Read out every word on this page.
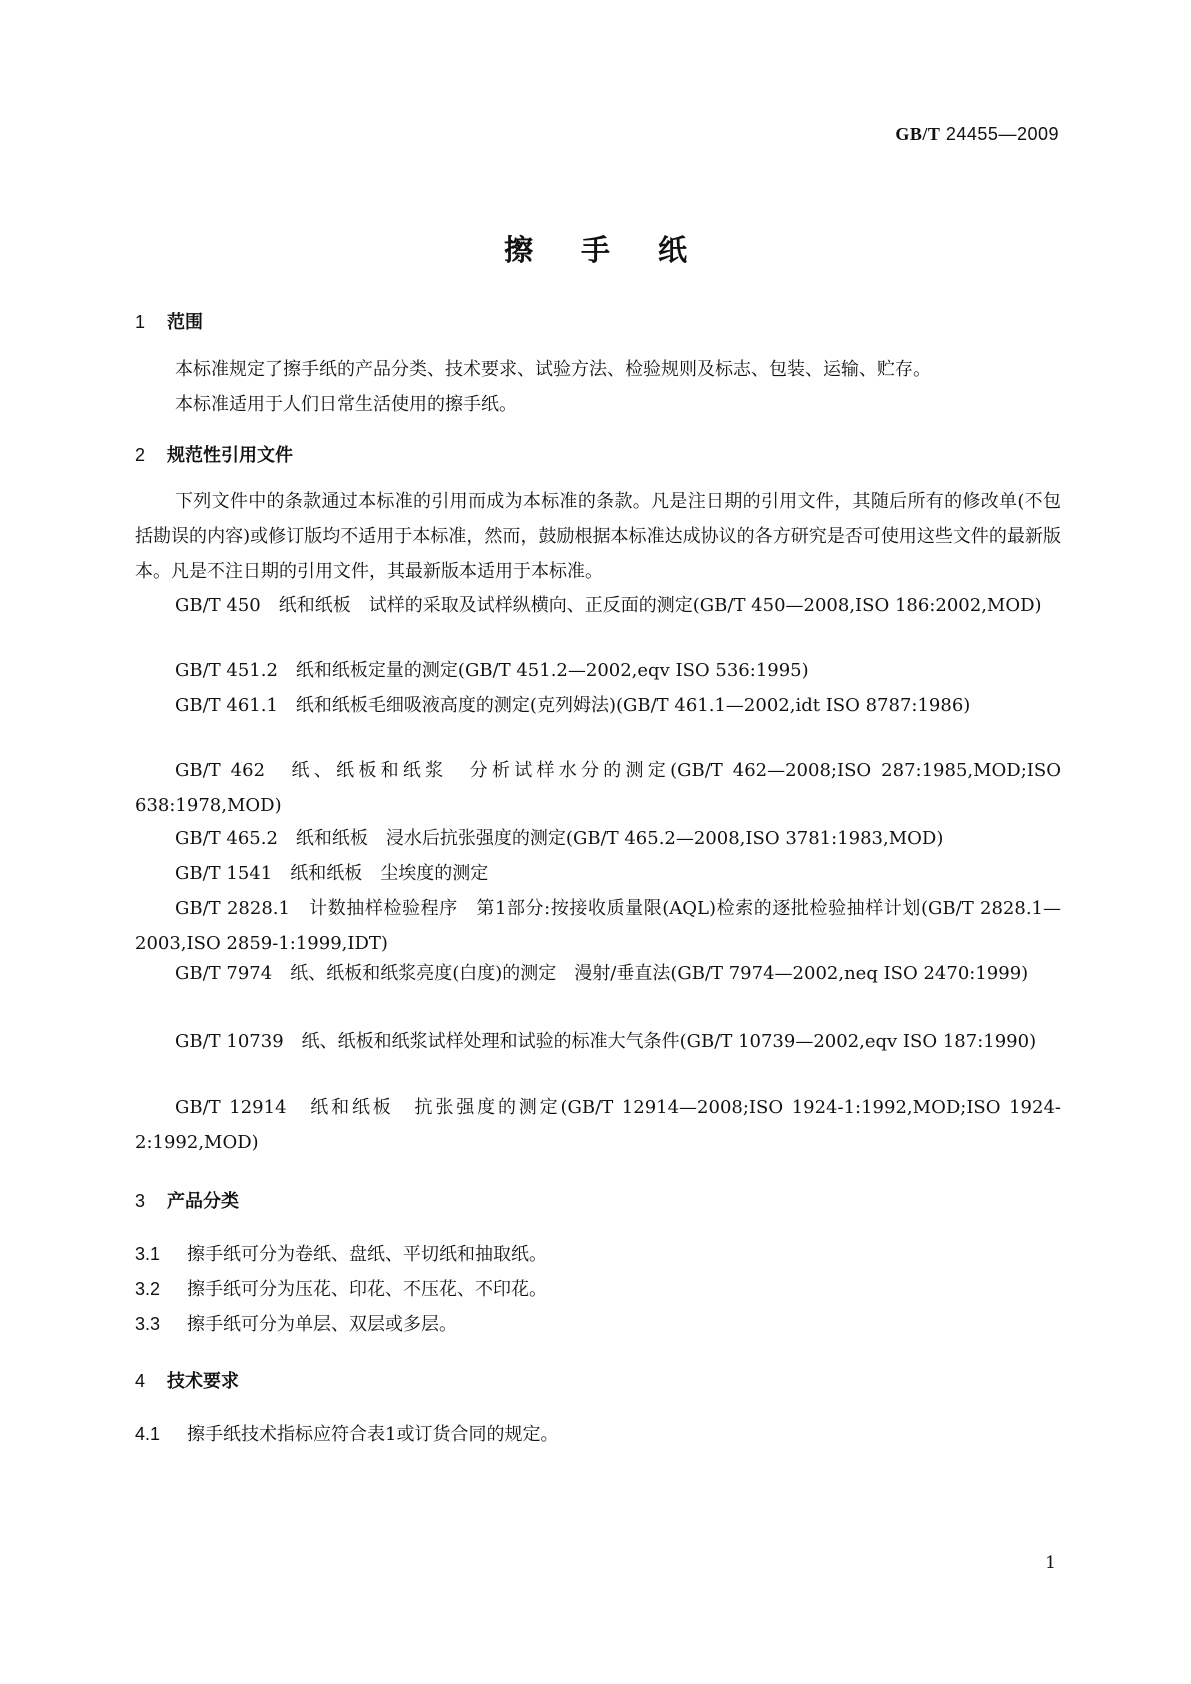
GB/T 24455—2009
擦手纸
1 范围
本标准规定了擦手纸的产品分类、技术要求、试验方法、检验规则及标志、包装、运输、贮存。
本标准适用于人们日常生活使用的擦手纸。
2 规范性引用文件
下列文件中的条款通过本标准的引用而成为本标准的条款。凡是注日期的引用文件，其随后所有的修改单(不包括勘误的内容)或修订版均不适用于本标准，然而，鼓励根据本标准达成协议的各方研究是否可使用这些文件的最新版本。凡是不注日期的引用文件，其最新版本适用于本标准。
GB/T 450　纸和纸板　试样的采取及试样纵横向、正反面的测定(GB/T 450—2008,ISO 186:2002,MOD)
GB/T 451.2　纸和纸板定量的测定(GB/T 451.2—2002,eqv ISO 536:1995)
GB/T 461.1　纸和纸板毛细吸液高度的测定(克列姆法)(GB/T 461.1—2002,idt ISO 8787:1986)
GB/T 462　纸、纸板和纸浆　分析试样水分的测定(GB/T 462—2008;ISO 287:1985,MOD;ISO 638:1978,MOD)
GB/T 465.2　纸和纸板　浸水后抗张强度的测定(GB/T 465.2—2008,ISO 3781:1983,MOD)
GB/T 1541　纸和纸板　尘埃度的测定
GB/T 2828.1　计数抽样检验程序　第1部分:按接收质量限(AQL)检索的逐批检验抽样计划(GB/T 2828.1—2003,ISO 2859-1:1999,IDT)
GB/T 7974　纸、纸板和纸浆亮度(白度)的测定　漫射/垂直法(GB/T 7974—2002,neq ISO 2470:1999)
GB/T 10739　纸、纸板和纸浆试样处理和试验的标准大气条件(GB/T 10739—2002,eqv ISO 187:1990)
GB/T 12914　纸和纸板　抗张强度的测定(GB/T 12914—2008;ISO 1924-1:1992,MOD;ISO 1924-2:1992,MOD)
3 产品分类
3.1 擦手纸可分为卷纸、盘纸、平切纸和抽取纸。
3.2 擦手纸可分为压花、印花、不压花、不印花。
3.3 擦手纸可分为单层、双层或多层。
4 技术要求
4.1 擦手纸技术指标应符合表1或订货合同的规定。
1
